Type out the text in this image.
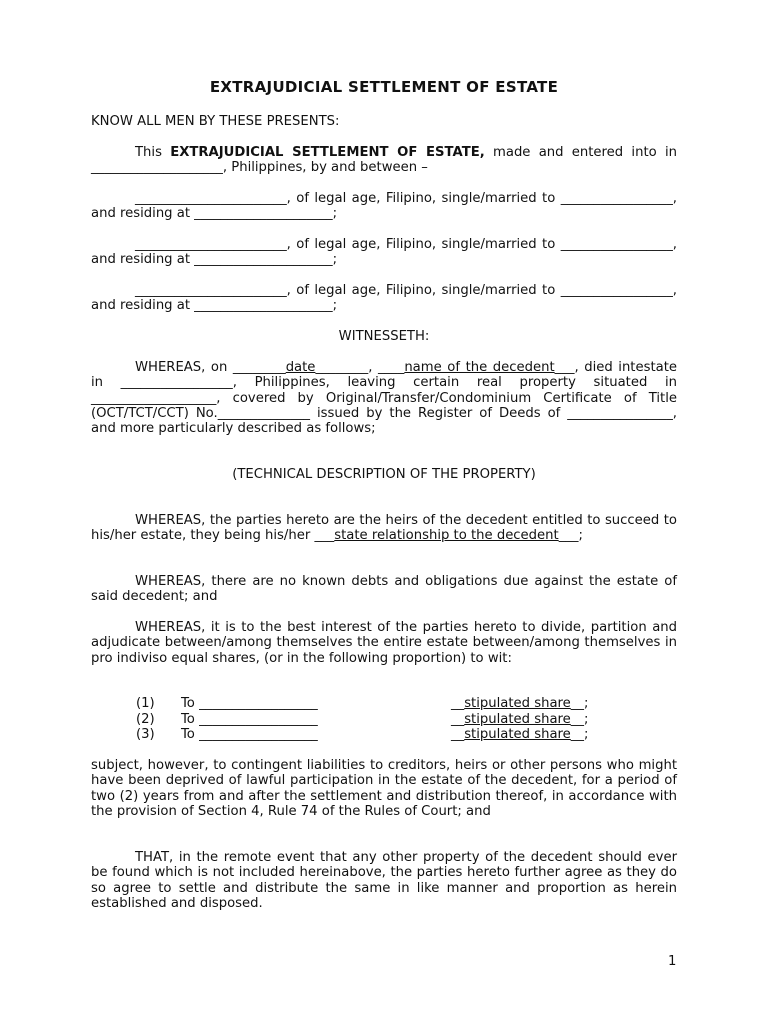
EXTRAJUDICIAL SETTLEMENT OF ESTATE
KNOW ALL MEN BY THESE PRESENTS:
This EXTRAJUDICIAL SETTLEMENT OF ESTATE, made and entered into in ____________________, Philippines, by and between –
_______________________, of legal age, Filipino, single/married to _________________, and residing at _____________________;
_______________________, of legal age, Filipino, single/married to _________________, and residing at _____________________;
_______________________, of legal age, Filipino, single/married to _________________, and residing at _____________________;
WITNESSETH:
WHEREAS, on ________date________, ____name of the decedent___, died intestate in _________________, Philippines, leaving certain real property situated in ___________________, covered by Original/Transfer/Condominium Certificate of Title (OCT/TCT/CCT) No.______________ issued by the Register of Deeds of ________________, and more particularly described as follows;
(TECHNICAL DESCRIPTION OF THE PROPERTY)
WHEREAS, the parties hereto are the heirs of the decedent entitled to succeed to his/her estate, they being his/her ___state relationship to the decedent___;
WHEREAS, there are no known debts and obligations due against the estate of said decedent; and
WHEREAS, it is to the best interest of the parties hereto to divide, partition and adjudicate between/among themselves the entire estate between/among themselves in pro indiviso equal shares, (or in the following proportion) to wit:
(1) To __________________	__stipulated share__;
(2) To __________________	__stipulated share__;
(3) To __________________	__stipulated share__;
subject, however, to contingent liabilities to creditors, heirs or other persons who might have been deprived of lawful participation in the estate of the decedent, for a period of two (2) years from and after the settlement and distribution thereof, in accordance with the provision of Section 4, Rule 74 of the Rules of Court; and
THAT, in the remote event that any other property of the decedent should ever be found which is not included hereinabove, the parties hereto further agree as they do so agree to settle and distribute the same in like manner and proportion as herein established and disposed.
1
